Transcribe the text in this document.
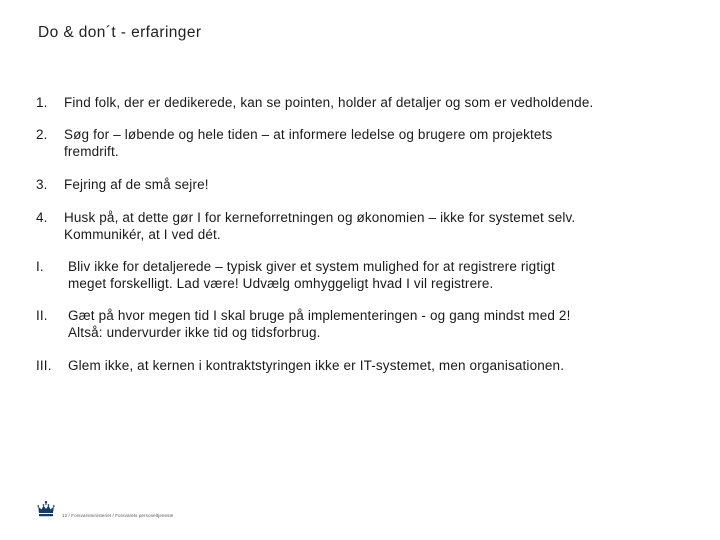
Do & don´t - erfaringer
1.	Find folk, der er dedikerede, kan se pointen, holder af detaljer og som er vedholdende.
2.	Søg for – løbende og hele tiden – at informere ledelse og brugere om projektets
fremdrift.
3.	Fejring af de små sejre!
4.	Husk på, at dette gør I for kerneforretningen og økonomien – ikke for systemet selv.
Kommunikér, at I ved dét.
I.	Bliv ikke for detaljerede – typisk giver et system mulighed for at registrere rigtigt
meget forskelligt. Lad være! Udvælg omhyggeligt hvad I vil registrere.
II.	Gæt på hvor megen tid I skal bruge på implementeringen - og gang mindst med 2!
Altså: undervurder ikke tid og tidsforbrug.
III.	Glem ikke, at kernen i kontraktstyringen ikke er IT-systemet, men organisationen.
12 / Forsvarsministeriet / Forsvarets personeltjeneste
